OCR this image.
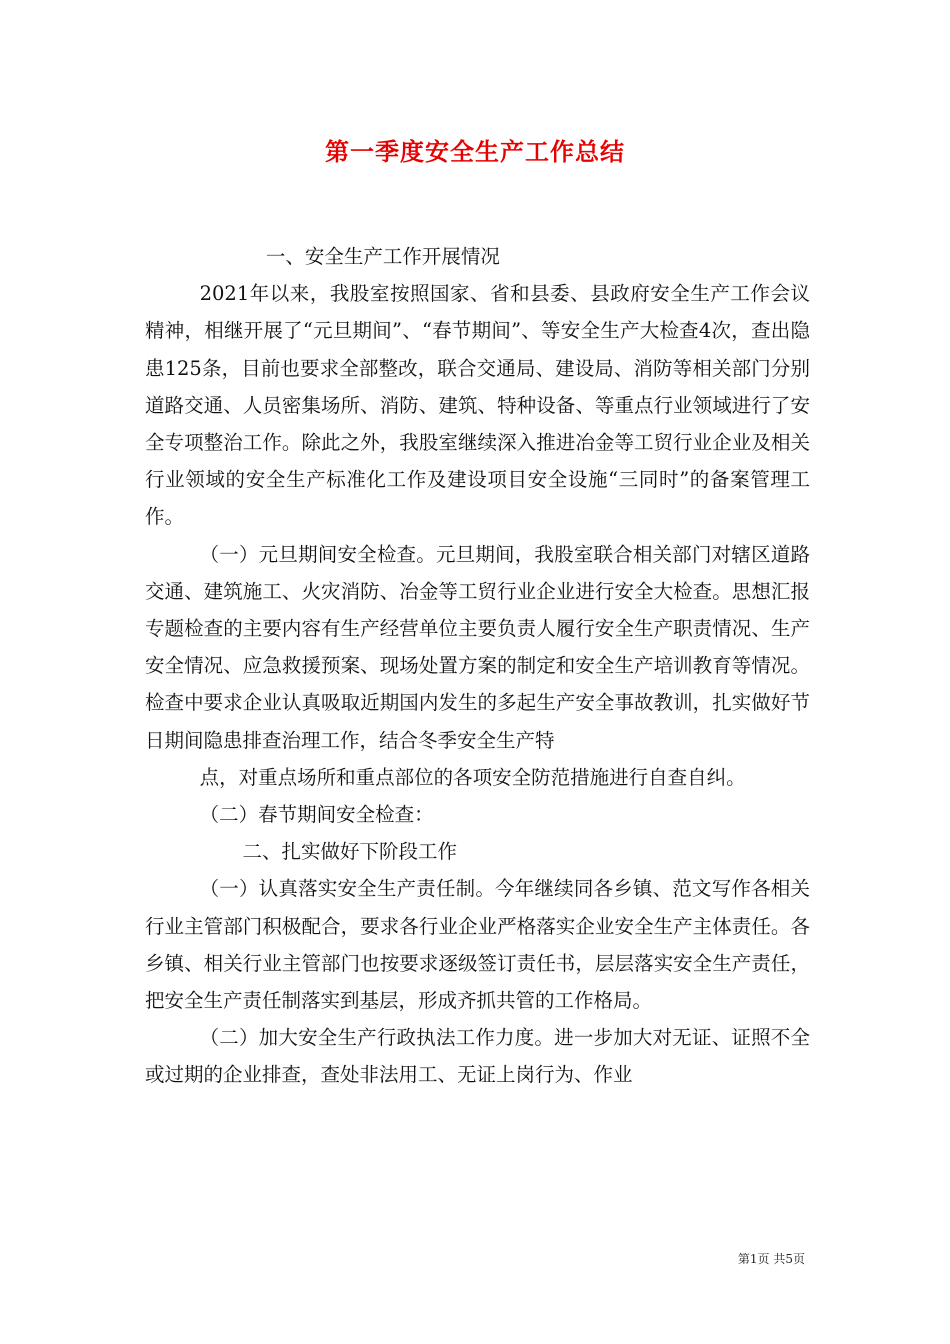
第一季度安全生产工作总结

一、安全生产工作开展情况

2021年以来，我股室按照国家、省和县委、县政府安全生产工作会议精神，相继开展了“元旦期间”、“春节期间”、等安全生产大检查4次，查出隐患125条，目前也要求全部整改，联合交通局、建设局、消防等相关部门分别道路交通、人员密集场所、消防、建筑、特种设备、等重点行业领域进行了安全专项整治工作。除此之外，我股室继续深入推进冶金等工贸行业企业及相关行业领域的安全生产标准化工作及建设项目安全设施“三同时”的备案管理工作。

（一）元旦期间安全检查。元旦期间，我股室联合相关部门对辖区道路交通、建筑施工、火灾消防、冶金等工贸行业企业进行安全大检查。思想汇报专题检查的主要内容有生产经营单位主要负责人履行安全生产职责情况、生产安全情况、应急救援预案、现场处置方案的制定和安全生产培训教育等情况。检查中要求企业认真吸取近期国内发生的多起生产安全事故教训，扎实做好节日期间隐患排查治理工作，结合冬季安全生产特

点，对重点场所和重点部位的各项安全防范措施进行自查自纠。

（二）春节期间安全检查：

二、扎实做好下阶段工作

（一）认真落实安全生产责任制。今年继续同各乡镇、范文写作各相关行业主管部门积极配合，要求各行业企业严格落实企业安全生产主体责任。各乡镇、相关行业主管部门也按要求逐级签订责任书，层层落实安全生产责任，把安全生产责任制落实到基层，形成齐抓共管的工作格局。

（二）加大安全生产行政执法工作力度。进一步加大对无证、证照不全或过期的企业排查，查处非法用工、无证上岗行为、作业

第1页 共5页
